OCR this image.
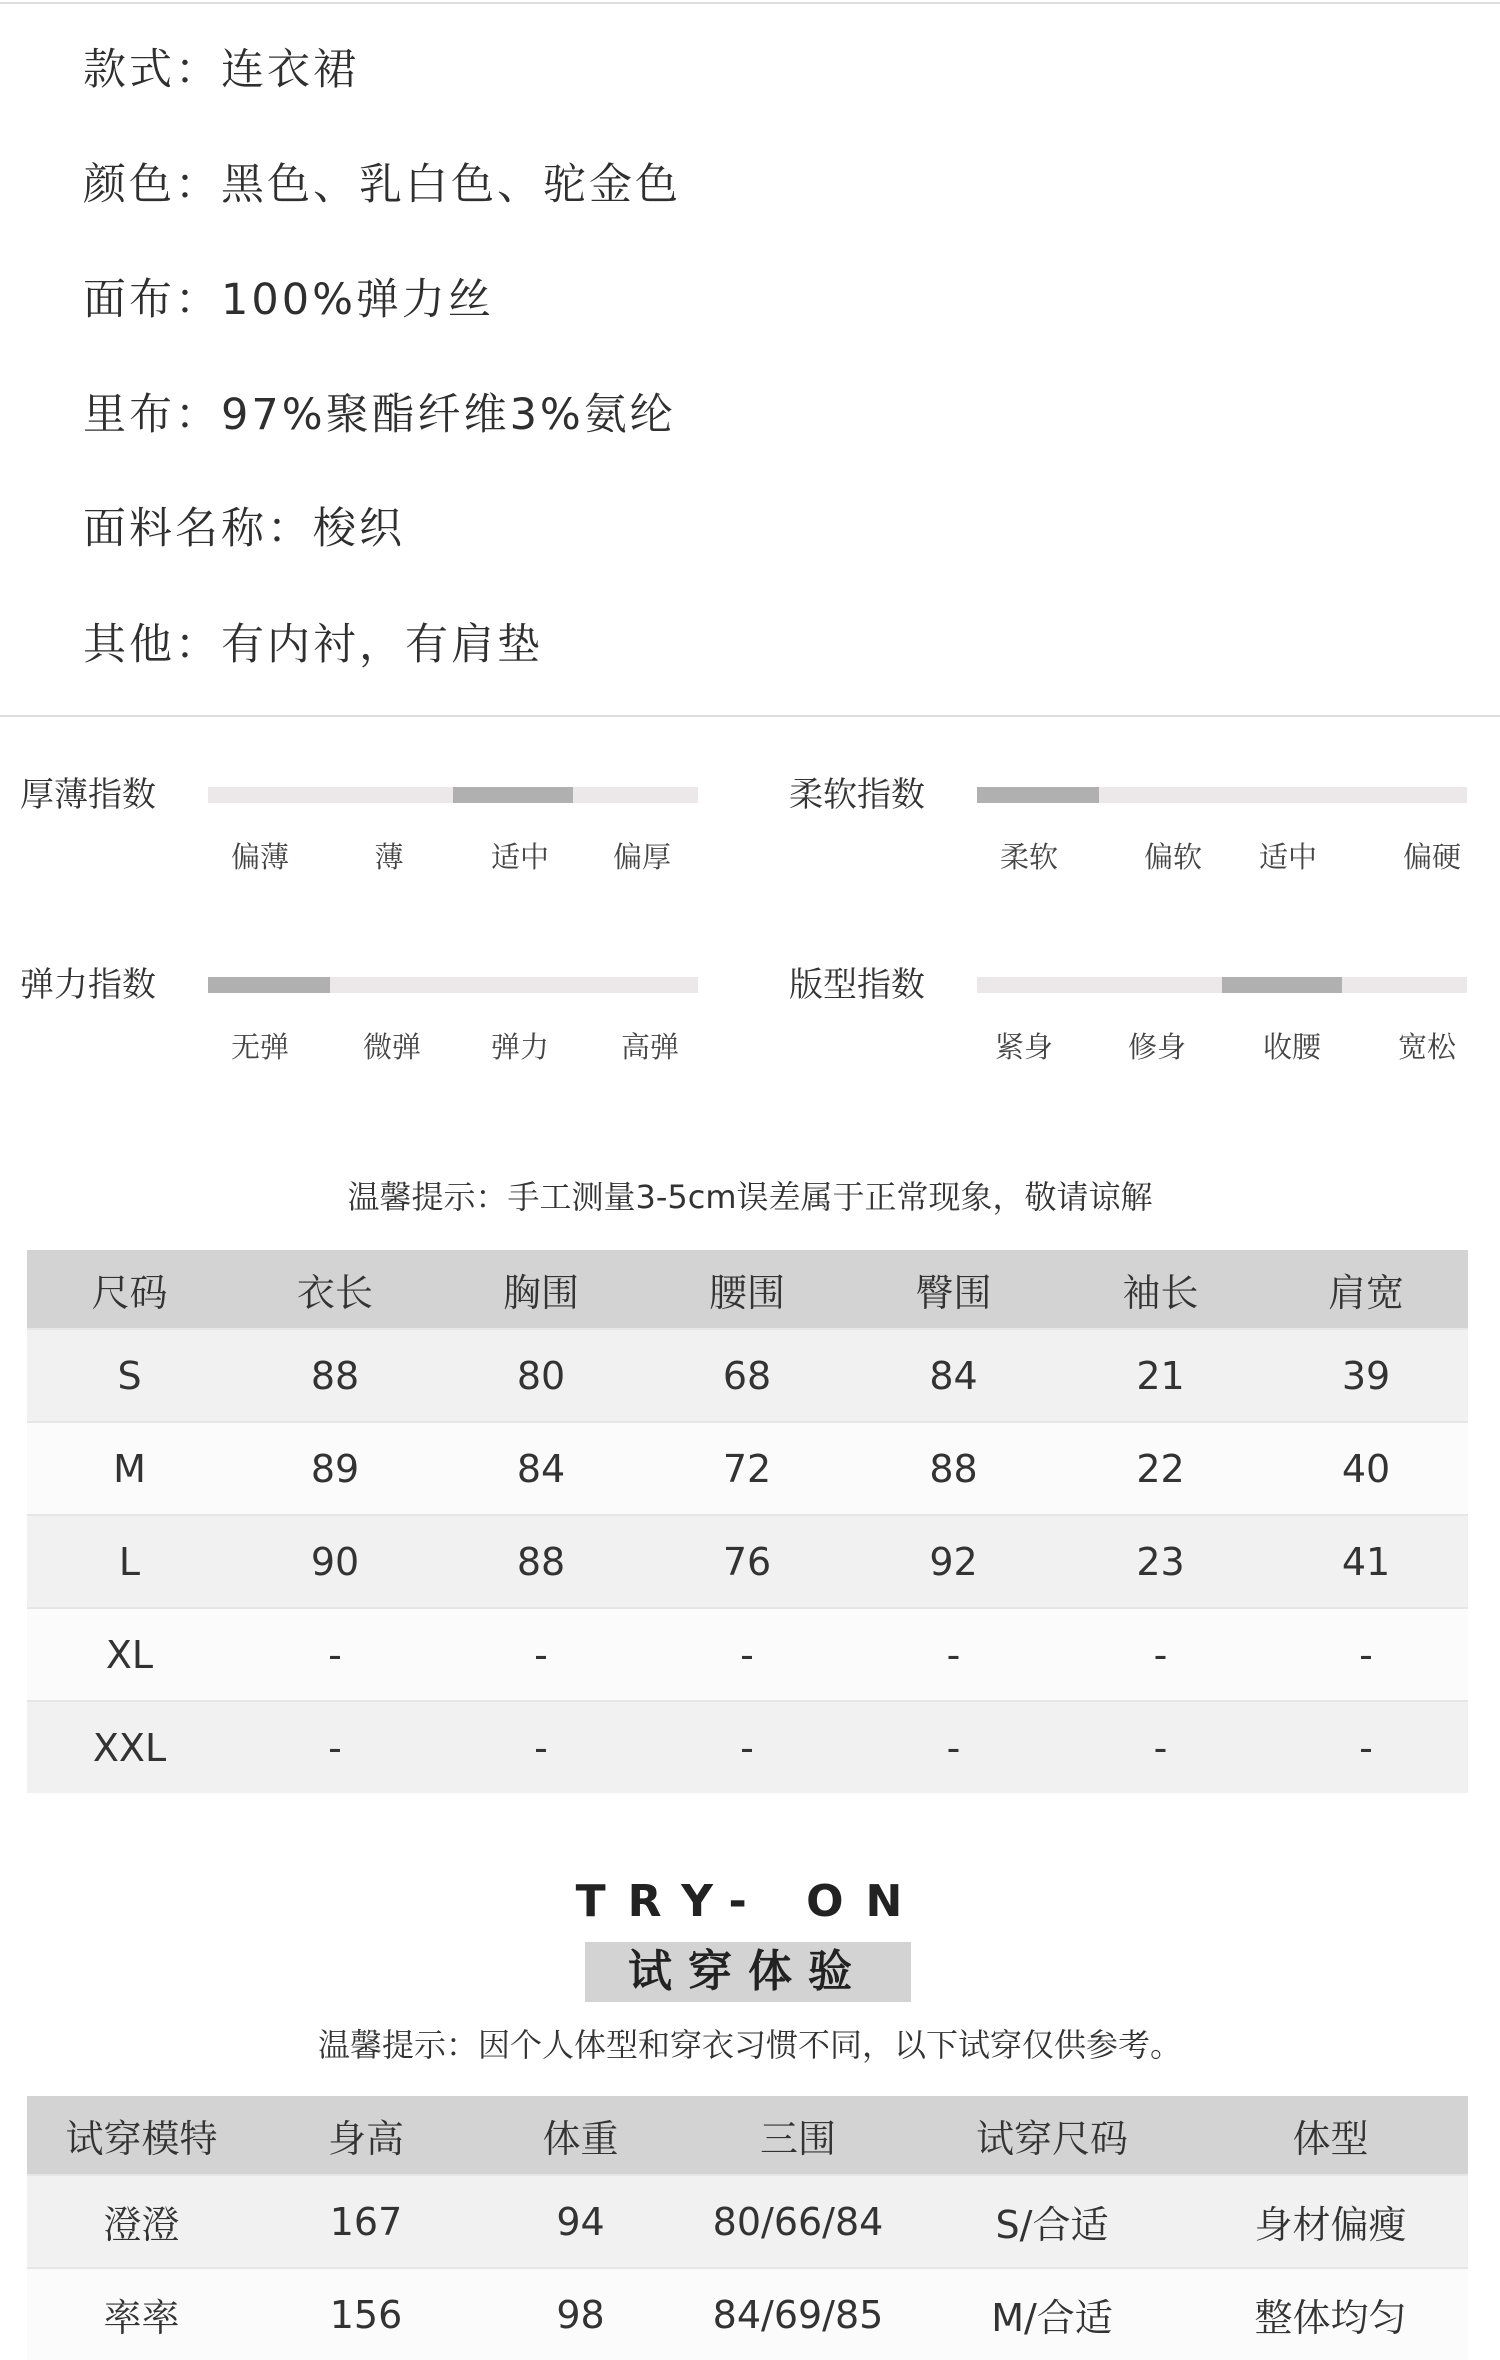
款式：连衣裙
颜色：黑色、乳白色、驼金色
面布：100%弹力丝
里布：97%聚酯纤维3%氨纶
面料名称：梭织
其他：有内衬，有肩垫
厚薄指数
偏薄	薄	适中 偏厚
柔软指数
柔软	偏软 适中	偏硬
弹力指数
无弹	微弹 弹力 高弹
版型指数
紧身	修身	收腰	宽松
温馨提示：手工测量3-5cm误差属于正常现象，敬请谅解
尺码	衣长	胸围	腰围	臀围	袖长	肩宽
S	88	80	68	84	21	39
M	89	84	72	88	22	40
L	90	88	76	92	23	41
XL	-	-	-	-	-	-
XXL	-	-	-	-	-	-
TRY- ON
试穿体验
温馨提示：因个人体型和穿衣习惯不同，以下试穿仅供参考。
试穿模特	身高	体重	三围	试穿尺码	体型
澄澄	167	94	80/66/84	S/合适	身材偏瘦
率率	156	98	84/69/85	M/合适	整体均匀
